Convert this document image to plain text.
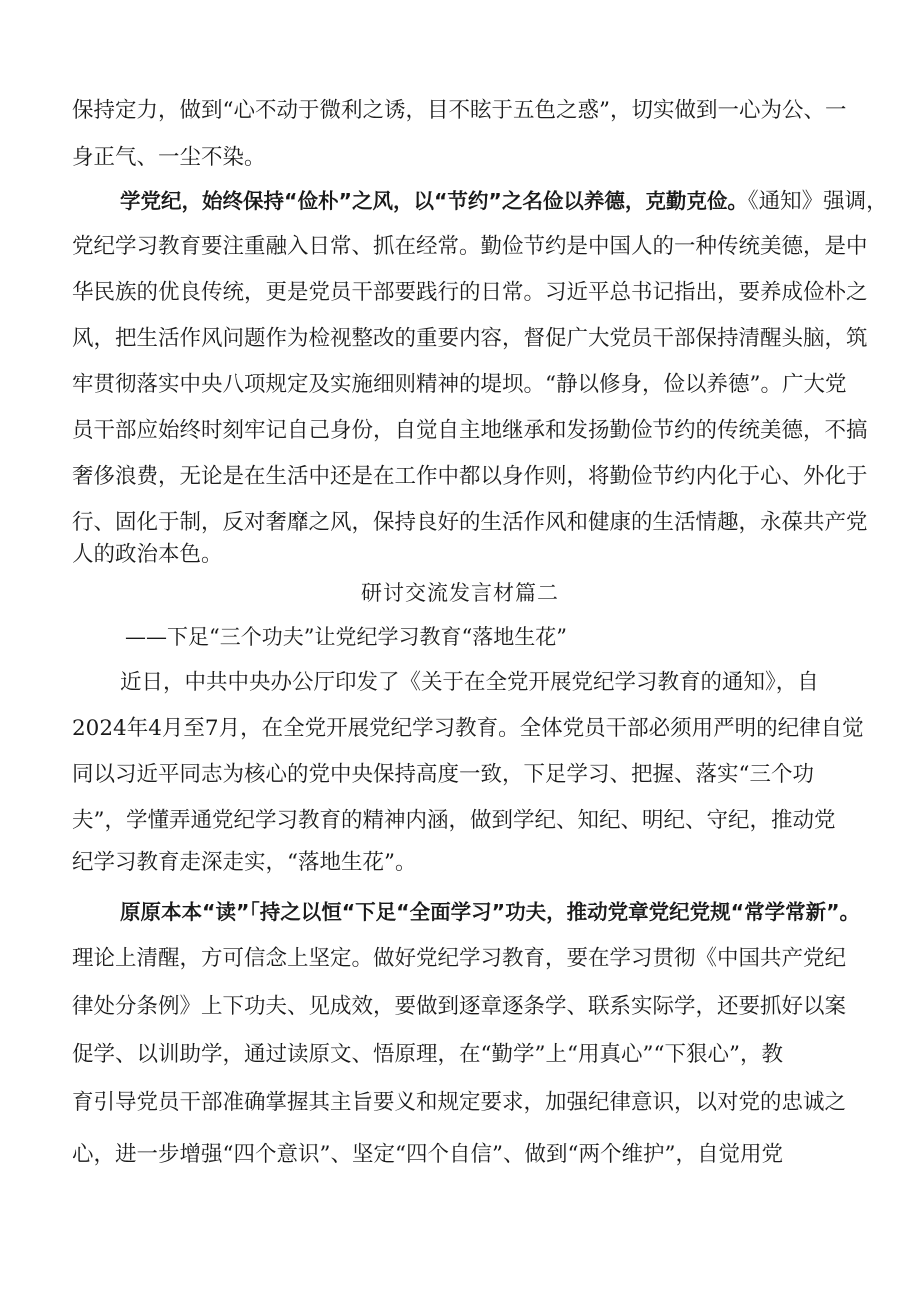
保持定力，做到“心不动于微利之诱，目不眩于五色之惑”，切实做到一心为公、一
身正气、一尘不染。
学党纪，始终保持“俭朴”之风，以“节约”之名俭以养德，克勤克俭。《通知》强调，
党纪学习教育要注重融入日常、抓在经常。勤俭节约是中国人的一种传统美德，是中
华民族的优良传统，更是党员干部要践行的日常。习近平总书记指出，要养成俭朴之
风，把生活作风问题作为检视整改的重要内容，督促广大党员干部保持清醒头脑，筑
牢贯彻落实中央八项规定及实施细则精神的堤坝。“静以修身，俭以养德”。广大党
员干部应始终时刻牢记自己身份，自觉自主地继承和发扬勤俭节约的传统美德，不搞
奢侈浪费，无论是在生活中还是在工作中都以身作则，将勤俭节约内化于心、外化于
行、固化于制，反对奢靡之风，保持良好的生活作风和健康的生活情趣，永葆共产党
人的政治本色。
研讨交流发言材篇二
——下足“三个功夫”让党纪学习教育“落地生花”
近日，中共中央办公厅印发了《关于在全党开展党纪学习教育的通知》，自
2024年4月至7月，在全党开展党纪学习教育。全体党员干部必须用严明的纪律自觉
同以习近平同志为核心的党中央保持高度一致，下足学习、把握、落实“三个功
夫”，学懂弄通党纪学习教育的精神内涵，做到学纪、知纪、明纪、守纪，推动党
纪学习教育走深走实，“落地生花”。
原原本本“读”「持之以恒“下足“全面学习”功夫，推动党章党纪党规“常学常新”。
理论上清醒，方可信念上坚定。做好党纪学习教育，要在学习贯彻《中国共产党纪
律处分条例》上下功夫、见成效，要做到逐章逐条学、联系实际学，还要抓好以案
促学、以训助学，通过读原文、悟原理，在“勤学”上“用真心”“下狠心”，教
育引导党员干部准确掌握其主旨要义和规定要求，加强纪律意识，以对党的忠诚之
心，进一步增强“四个意识”、坚定“四个自信”、做到“两个维护”，自觉用党
